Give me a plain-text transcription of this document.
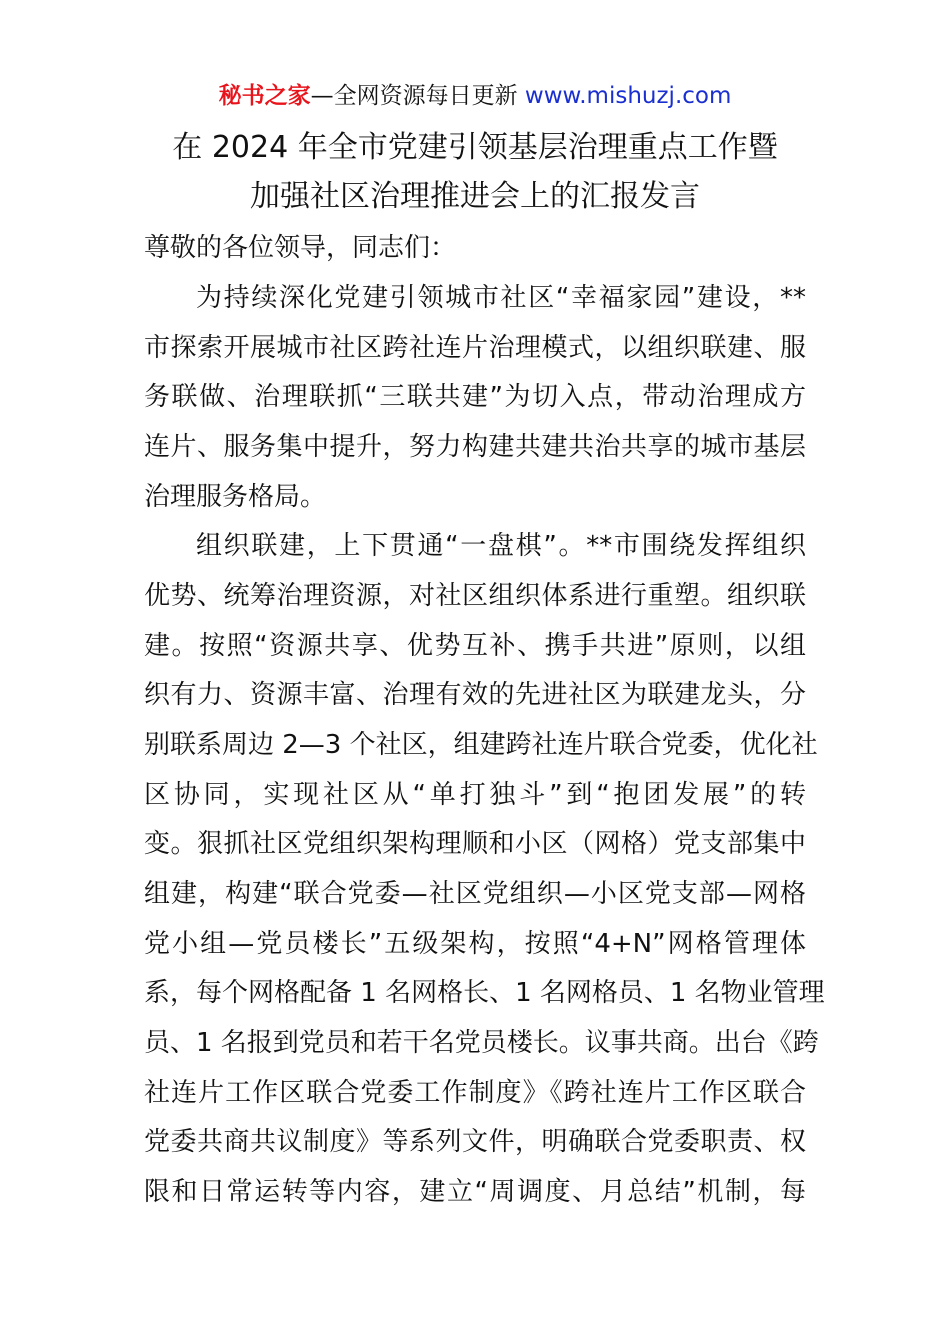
秘书之家—全网资源每日更新 www.mishuzj.com
在 2024 年全市党建引领基层治理重点工作暨
加强社区治理推进会上的汇报发言
尊敬的各位领导，同志们：
为持续深化党建引领城市社区“幸福家园”建设，**
市探索开展城市社区跨社连片治理模式，以组织联建、服
务联做、治理联抓“三联共建”为切入点，带动治理成方
连片、服务集中提升，努力构建共建共治共享的城市基层
治理服务格局。
组织联建，上下贯通“一盘棋”。**市围绕发挥组织
优势、统筹治理资源，对社区组织体系进行重塑。组织联
建。按照“资源共享、优势互补、携手共进”原则，以组
织有力、资源丰富、治理有效的先进社区为联建龙头，分
别联系周边 2—3 个社区，组建跨社连片联合党委，优化社
区协同，实现社区从“单打独斗”到“抱团发展”的转
变。狠抓社区党组织架构理顺和小区（网格）党支部集中
组建，构建“联合党委—社区党组织—小区党支部—网格
党小组—党员楼长”五级架构，按照“4+N”网格管理体
系，每个网格配备 1 名网格长、1 名网格员、1 名物业管理
员、1 名报到党员和若干名党员楼长。议事共商。出台《跨
社连片工作区联合党委工作制度》《跨社连片工作区联合
党委共商共议制度》等系列文件，明确联合党委职责、权
限和日常运转等内容，建立“周调度、月总结”机制，每
